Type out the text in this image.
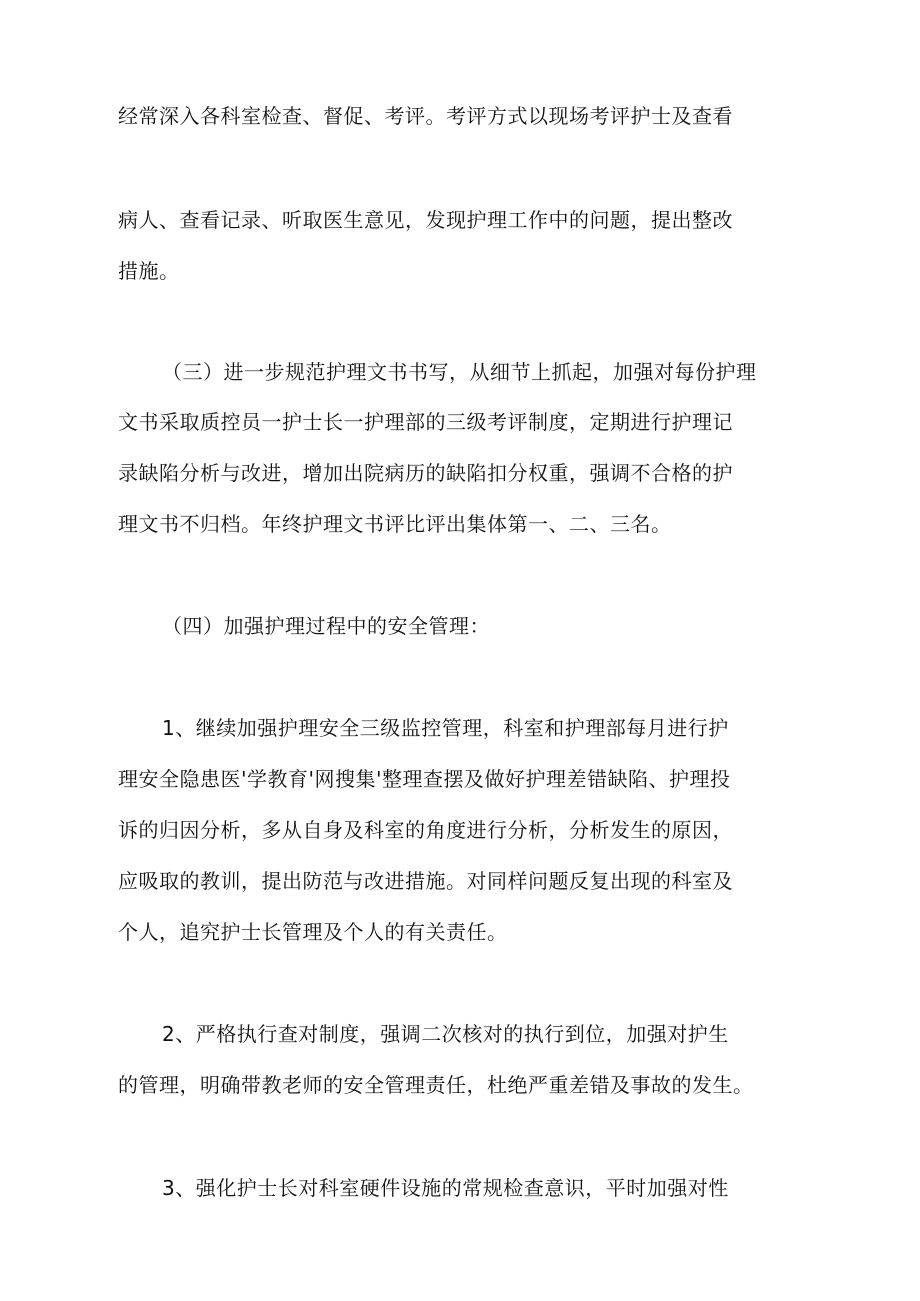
经常深入各科室检查、督促、考评。考评方式以现场考评护士及查看
病人、查看记录、听取医生意见，发现护理工作中的问题，提出整改
措施。
（三）进一步规范护理文书书写，从细节上抓起，加强对每份护理
文书采取质控员一护士长一护理部的三级考评制度，定期进行护理记
录缺陷分析与改进，增加出院病历的缺陷扣分权重，强调不合格的护
理文书不归档。年终护理文书评比评出集体第一、二、三名。
（四）加强护理过程中的安全管理：
1、继续加强护理安全三级监控管理，科室和护理部每月进行护
理安全隐患医'学教育'网搜集'整理查摆及做好护理差错缺陷、护理投
诉的归因分析，多从自身及科室的角度进行分析，分析发生的原因，
应吸取的教训，提出防范与改进措施。对同样问题反复出现的科室及
个人，追究护士长管理及个人的有关责任。
2、严格执行查对制度，强调二次核对的执行到位，加强对护生
的管理，明确带教老师的安全管理责任，杜绝严重差错及事故的发生。
3、强化护士长对科室硬件设施的常规检查意识，平时加强对性
